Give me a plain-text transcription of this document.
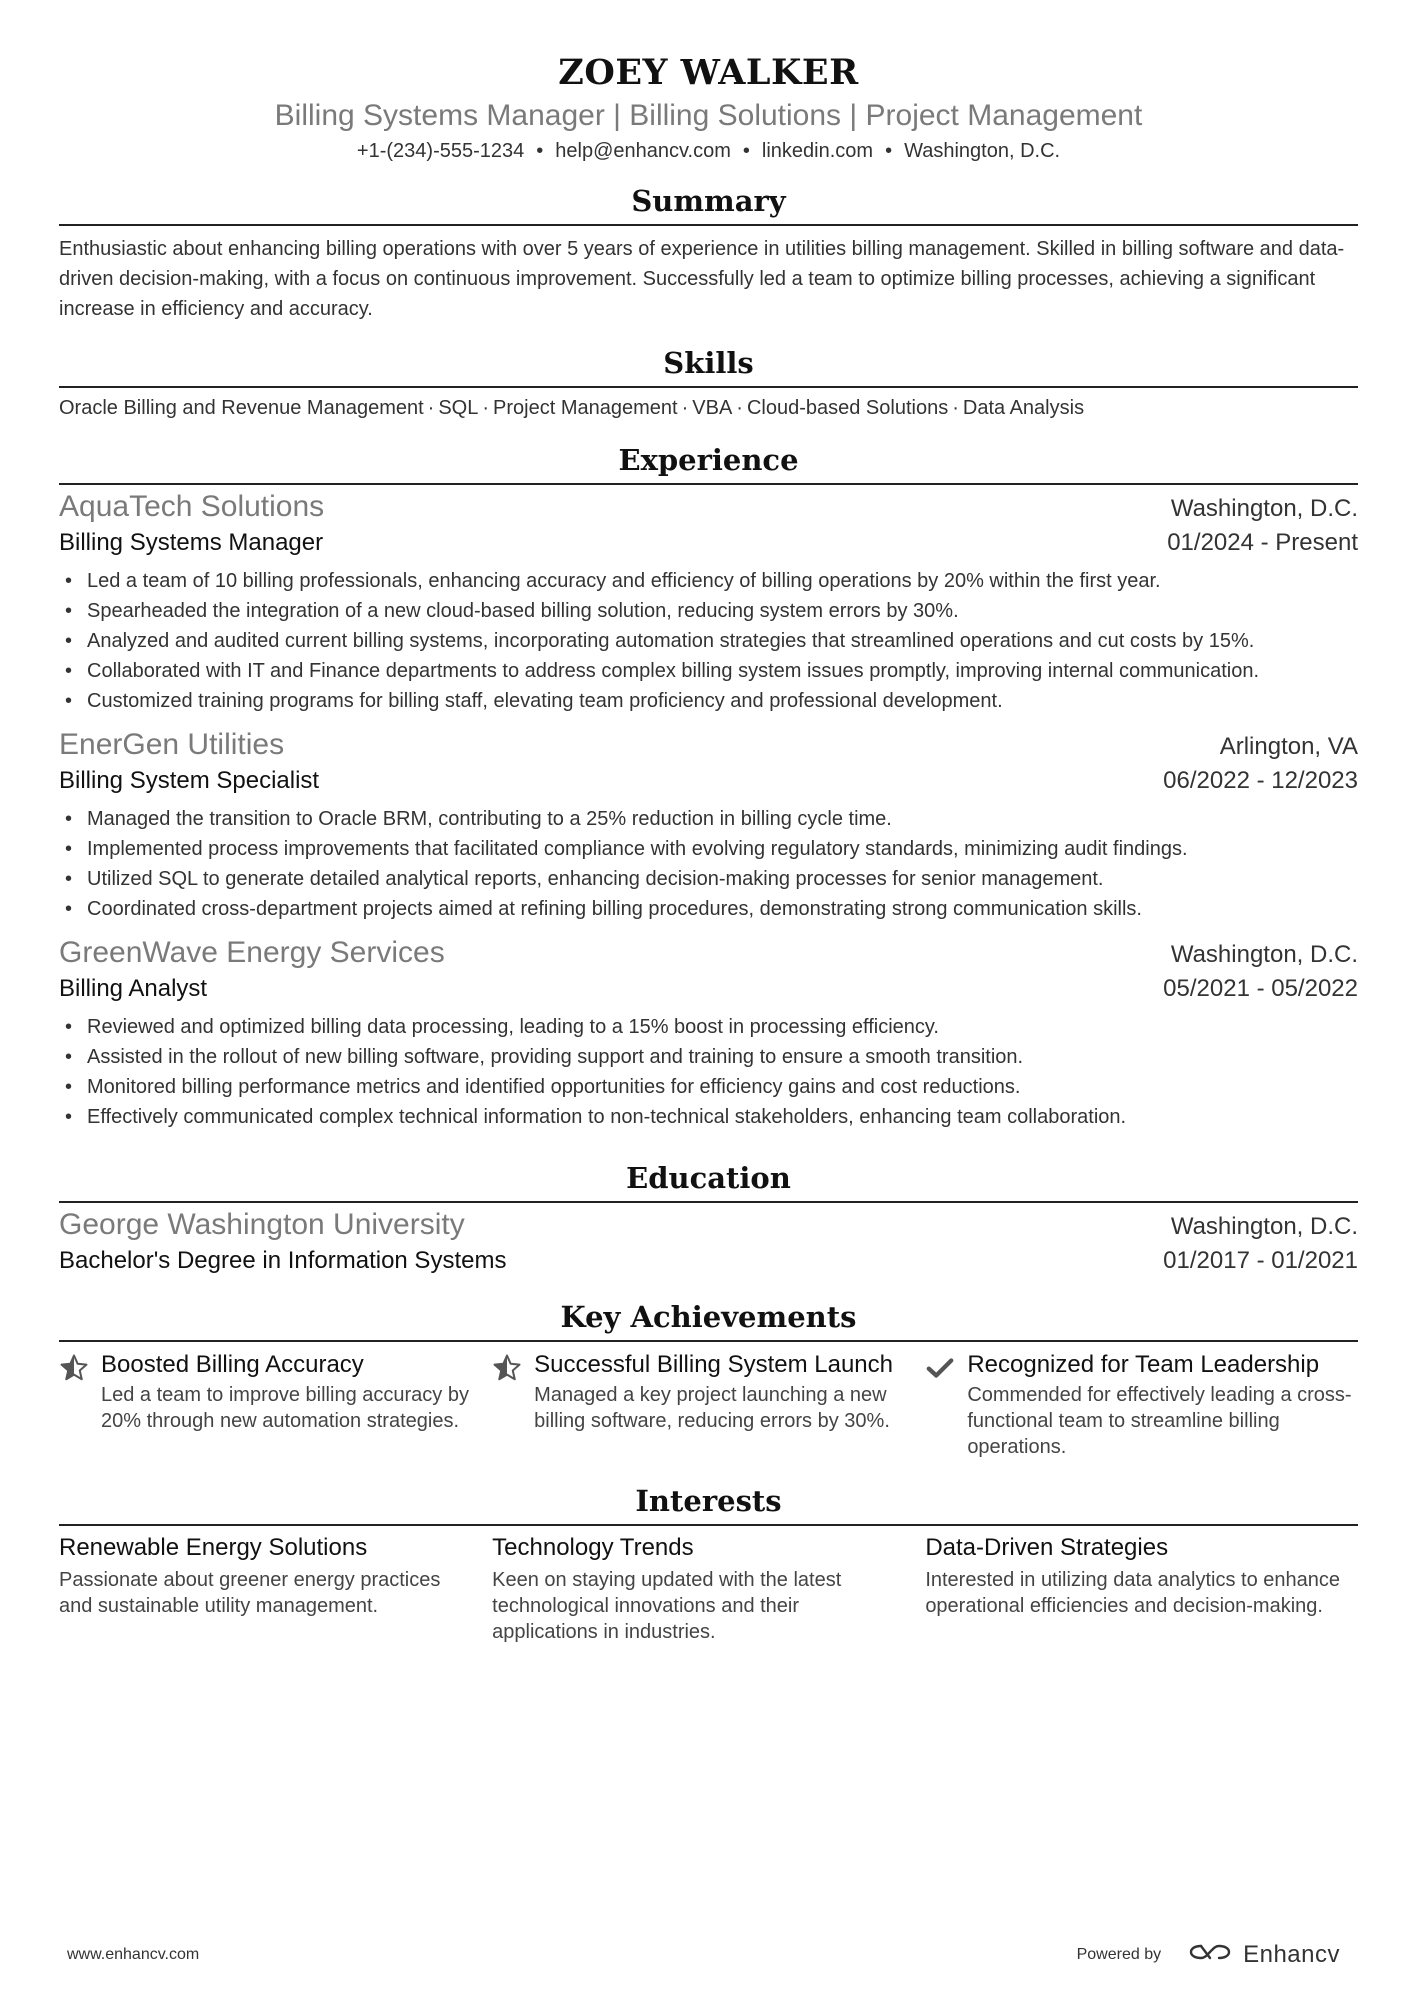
ZOEY WALKER
Billing Systems Manager | Billing Solutions | Project Management
+1-(234)-555-1234 • help@enhancv.com • linkedin.com • Washington, D.C.
Summary
Enthusiastic about enhancing billing operations with over 5 years of experience in utilities billing management. Skilled in billing software and data-driven decision-making, with a focus on continuous improvement. Successfully led a team to optimize billing processes, achieving a significant increase in efficiency and accuracy.
Skills
Oracle Billing and Revenue Management · SQL · Project Management · VBA · Cloud-based Solutions · Data Analysis
Experience
AquaTech Solutions	Washington, D.C.
Billing Systems Manager	01/2024 - Present
• Led a team of 10 billing professionals, enhancing accuracy and efficiency of billing operations by 20% within the first year.
• Spearheaded the integration of a new cloud-based billing solution, reducing system errors by 30%.
• Analyzed and audited current billing systems, incorporating automation strategies that streamlined operations and cut costs by 15%.
• Collaborated with IT and Finance departments to address complex billing system issues promptly, improving internal communication.
• Customized training programs for billing staff, elevating team proficiency and professional development.
EnerGen Utilities	Arlington, VA
Billing System Specialist	06/2022 - 12/2023
• Managed the transition to Oracle BRM, contributing to a 25% reduction in billing cycle time.
• Implemented process improvements that facilitated compliance with evolving regulatory standards, minimizing audit findings.
• Utilized SQL to generate detailed analytical reports, enhancing decision-making processes for senior management.
• Coordinated cross-department projects aimed at refining billing procedures, demonstrating strong communication skills.
GreenWave Energy Services	Washington, D.C.
Billing Analyst	05/2021 - 05/2022
• Reviewed and optimized billing data processing, leading to a 15% boost in processing efficiency.
• Assisted in the rollout of new billing software, providing support and training to ensure a smooth transition.
• Monitored billing performance metrics and identified opportunities for efficiency gains and cost reductions.
• Effectively communicated complex technical information to non-technical stakeholders, enhancing team collaboration.
Education
George Washington University	Washington, D.C.
Bachelor's Degree in Information Systems	01/2017 - 01/2021
Key Achievements
Boosted Billing Accuracy
Led a team to improve billing accuracy by 20% through new automation strategies.
Successful Billing System Launch
Managed a key project launching a new billing software, reducing errors by 30%.
Recognized for Team Leadership
Commended for effectively leading a cross-functional team to streamline billing operations.
Interests
Renewable Energy Solutions
Passionate about greener energy practices and sustainable utility management.
Technology Trends
Keen on staying updated with the latest technological innovations and their applications in industries.
Data-Driven Strategies
Interested in utilizing data analytics to enhance operational efficiencies and decision-making.
www.enhancv.com	Powered by	Enhancv
